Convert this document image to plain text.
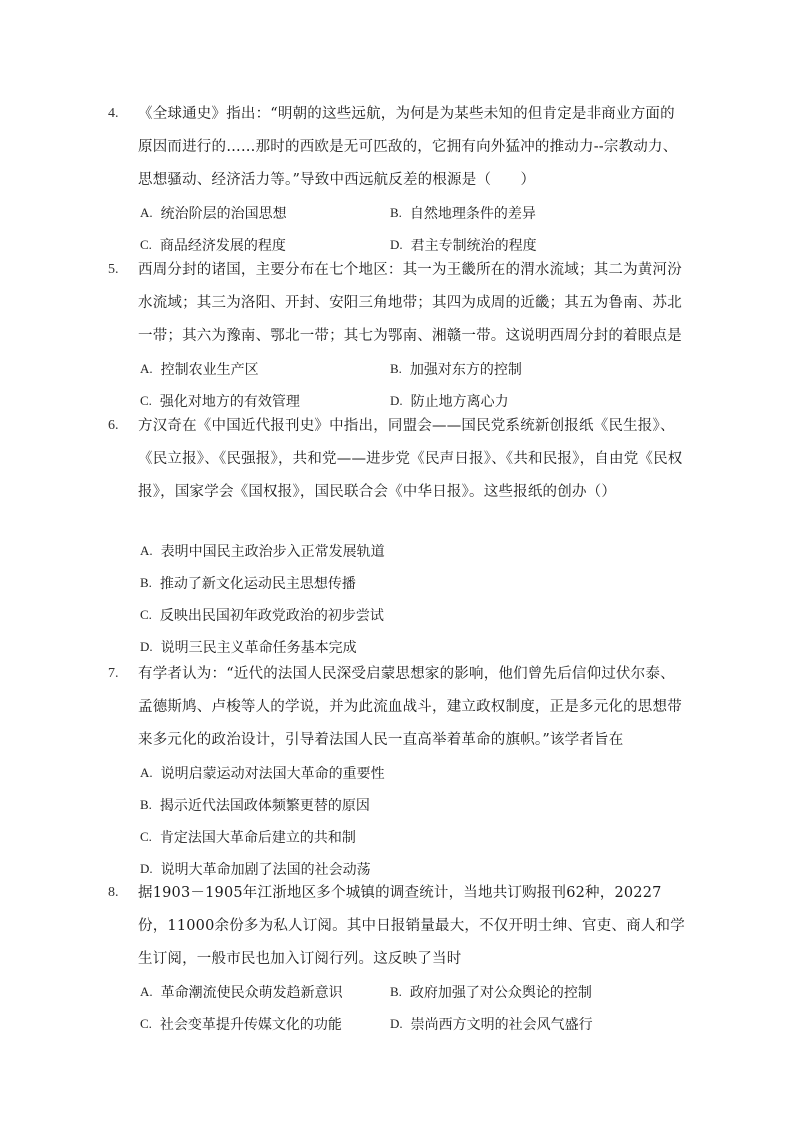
4. 《全球通史》指出：“明朝的这些远航，为何是为某些未知的但肯定是非商业方面的原因而进行的……那时的西欧是无可匹敌的，它拥有向外猛冲的推动力--宗教动力、思想骚动、经济活力等。”导致中西远航反差的根源是（　　）
A. 统治阶层的治国思想	B. 自然地理条件的差异
C. 商品经济发展的程度	D. 君主专制统治的程度
5. 西周分封的诸国，主要分布在七个地区：其一为王畿所在的渭水流域；其二为黄河汾水流域；其三为洛阳、开封、安阳三角地带；其四为成周的近畿；其五为鲁南、苏北一带；其六为豫南、鄂北一带；其七为鄂南、湘赣一带。这说明西周分封的着眼点是
A. 控制农业生产区	B. 加强对东方的控制
C. 强化对地方的有效管理	D. 防止地方离心力
6. 方汉奇在《中国近代报刊史》中指出，同盟会——国民党系统新创报纸《民生报》、《民立报》、《民强报》，共和党——进步党《民声日报》、《共和民报》，自由党《民权报》，国家学会《国权报》，国民联合会《中华日报》。这些报纸的创办（）
A. 表明中国民主政治步入正常发展轨道
B. 推动了新文化运动民主思想传播
C. 反映出民国初年政党政治的初步尝试
D. 说明三民主义革命任务基本完成
7. 有学者认为：“近代的法国人民深受启蒙思想家的影响，他们曾先后信仰过伏尔泰、孟德斯鸠、卢梭等人的学说，并为此流血战斗，建立政权制度，正是多元化的思想带来多元化的政治设计，引导着法国人民一直高举着革命的旗帜。”该学者旨在
A. 说明启蒙运动对法国大革命的重要性
B. 揭示近代法国政体频繁更替的原因
C. 肯定法国大革命后建立的共和制
D. 说明大革命加剧了法国的社会动荡
8. 据1903－1905年江浙地区多个城镇的调查统计，当地共订购报刊62种，20227份，11000余份多为私人订阅。其中日报销量最大，不仅开明士绅、官吏、商人和学生订阅，一般市民也加入订阅行列。这反映了当时
A. 革命潮流使民众萌发趋新意识	B. 政府加强了对公众舆论的控制
C. 社会变革提升传媒文化的功能	D. 崇尚西方文明的社会风气盛行
